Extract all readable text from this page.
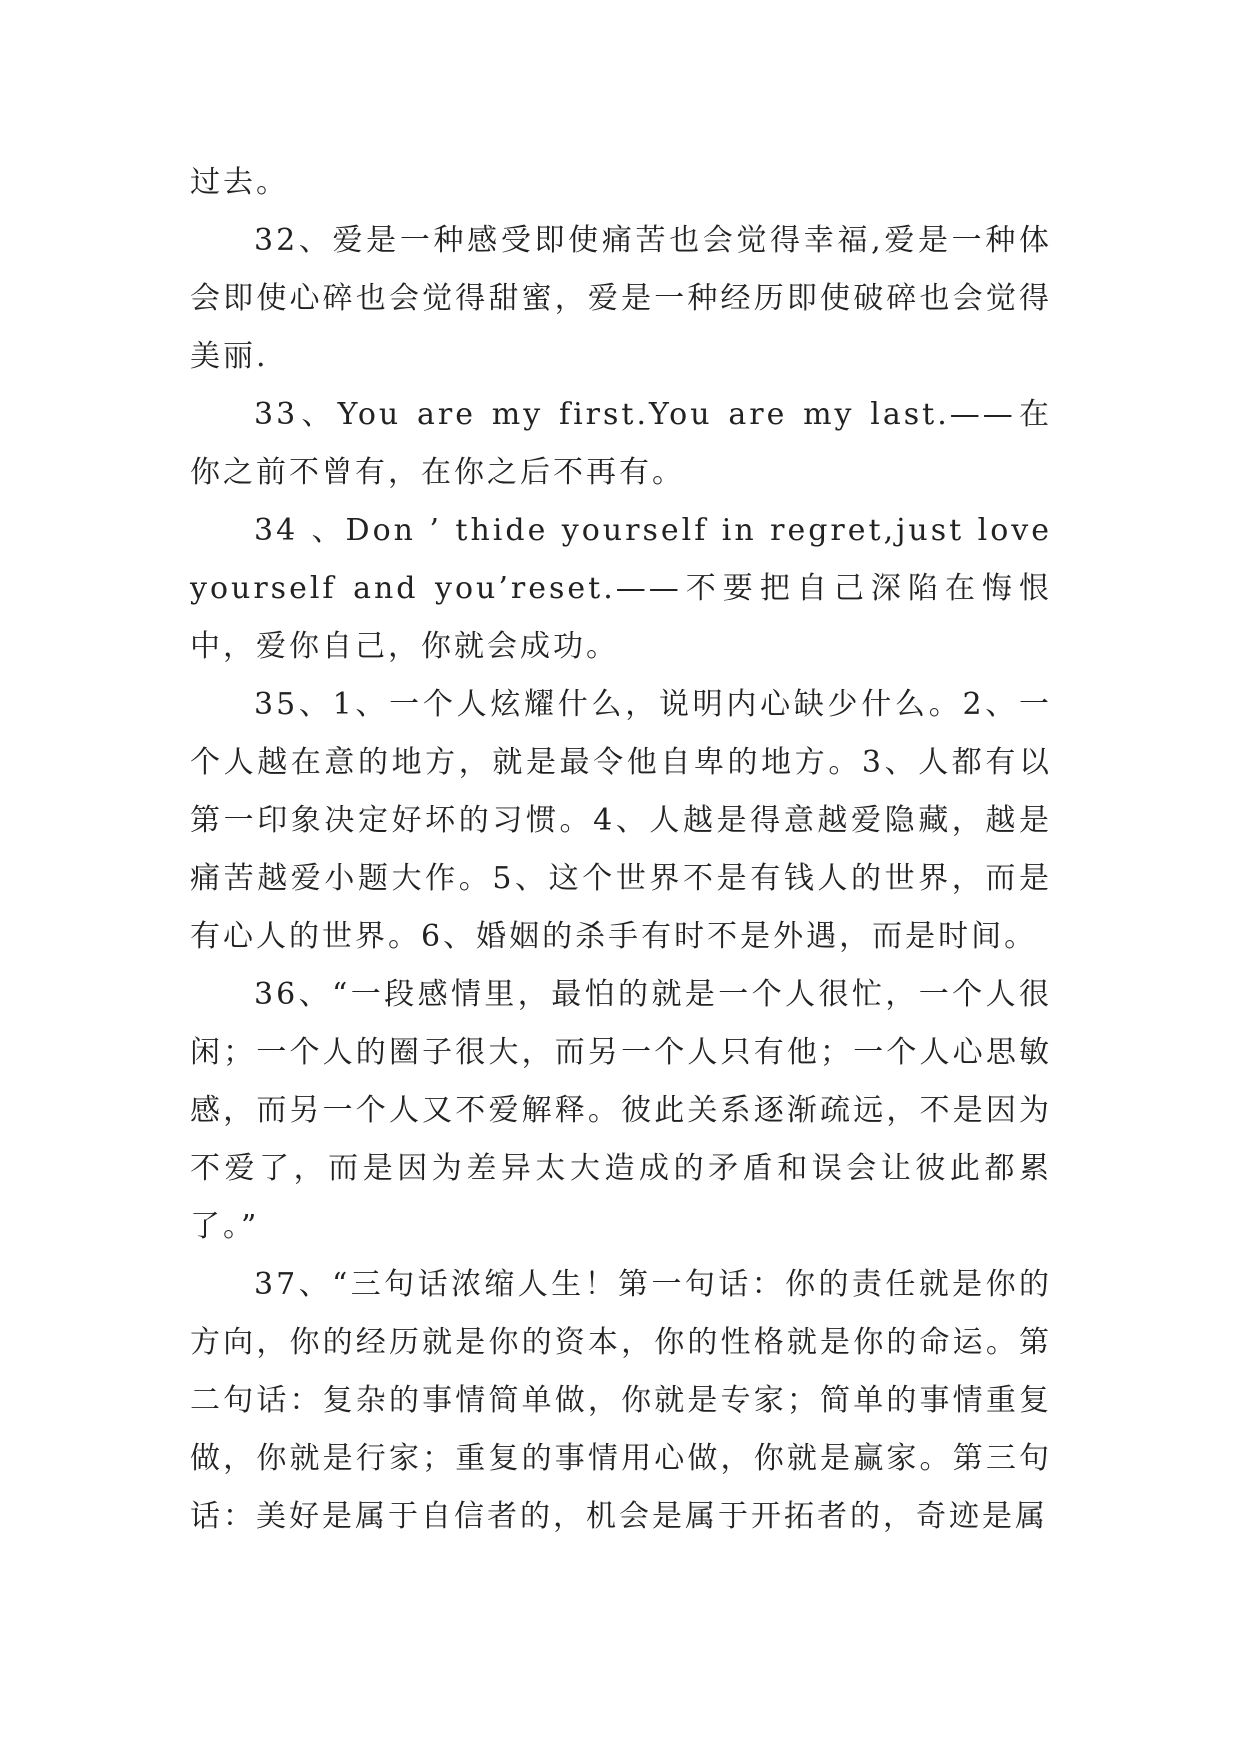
过去。

32、爱是一种感受即使痛苦也会觉得幸福,爱是一种体会即使心碎也会觉得甜蜜，爱是一种经历即使破碎也会觉得美丽.

33、You are my first.You are my last.——在你之前不曾有，在你之后不再有。

34 、Don ’ thide yourself in regret,just love yourself and you’reset.——不要把自己深陷在悔恨中，爱你自己，你就会成功。

35、1、一个人炫耀什么，说明内心缺少什么。2、一个人越在意的地方，就是最令他自卑的地方。3、人都有以第一印象决定好坏的习惯。4、人越是得意越爱隐藏，越是痛苦越爱小题大作。5、这个世界不是有钱人的世界，而是有心人的世界。6、婚姻的杀手有时不是外遇，而是时间。

36、“一段感情里，最怕的就是一个人很忙，一个人很闲；一个人的圈子很大，而另一个人只有他；一个人心思敏感，而另一个人又不爱解释。彼此关系逐渐疏远，不是因为不爱了，而是因为差异太大造成的矛盾和误会让彼此都累了。”

37、“三句话浓缩人生！第一句话：你的责任就是你的方向，你的经历就是你的资本，你的性格就是你的命运。第二句话：复杂的事情简单做，你就是专家；简单的事情重复做，你就是行家；重复的事情用心做，你就是赢家。第三句话：美好是属于自信者的，机会是属于开拓者的，奇迹是属
